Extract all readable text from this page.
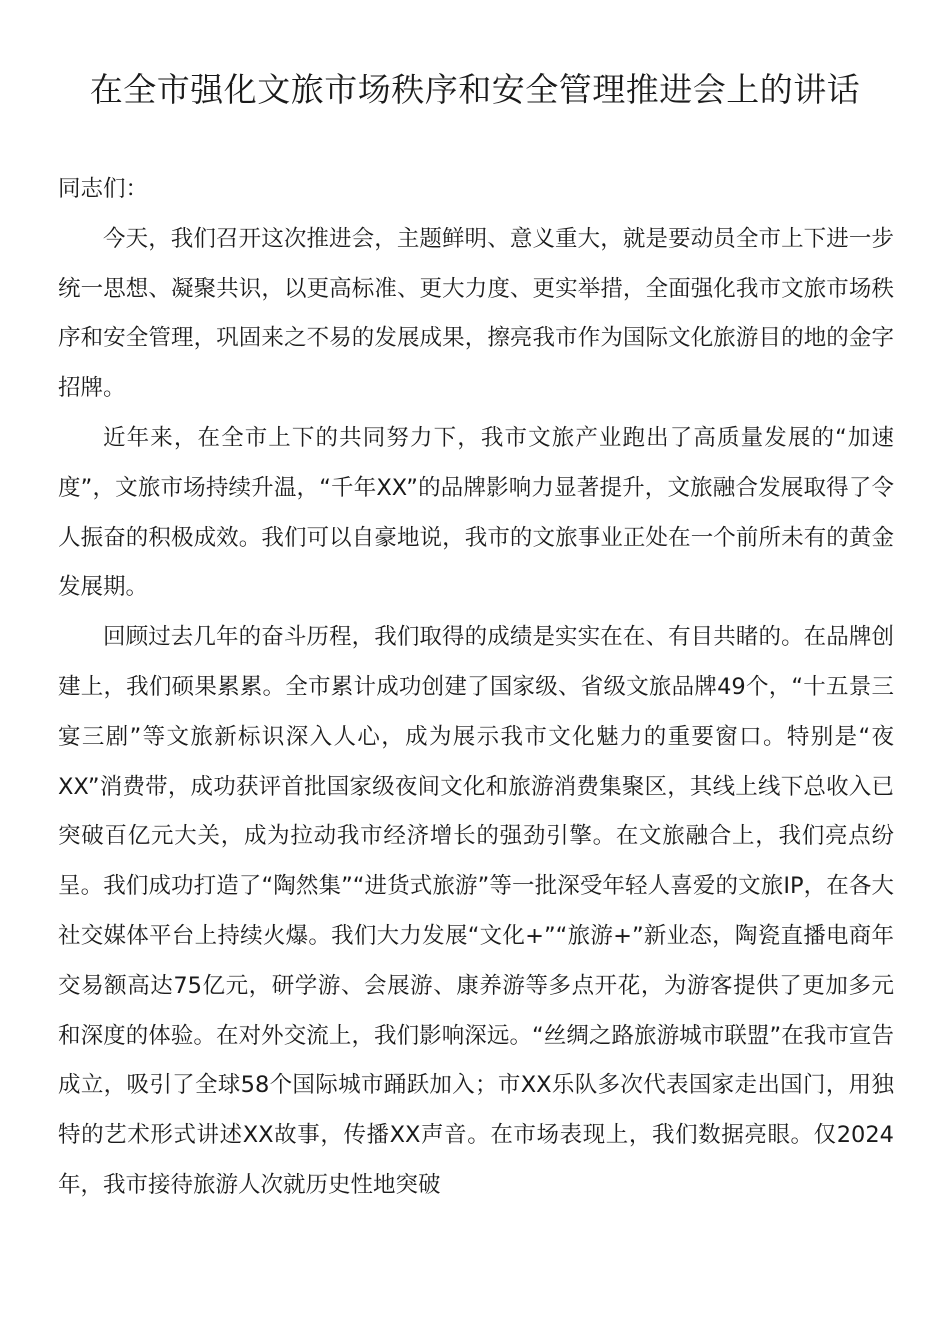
在全市强化文旅市场秩序和安全管理推进会上的讲话

同志们：

今天，我们召开这次推进会，主题鲜明、意义重大，就是要动员全市上下进一步统一思想、凝聚共识，以更高标准、更大力度、更实举措，全面强化我市文旅市场秩序和安全管理，巩固来之不易的发展成果，擦亮我市作为国际文化旅游目的地的金字招牌。

近年来，在全市上下的共同努力下，我市文旅产业跑出了高质量发展的“加速度”，文旅市场持续升温，“千年XX”的品牌影响力显著提升，文旅融合发展取得了令人振奋的积极成效。我们可以自豪地说，我市的文旅事业正处在一个前所未有的黄金发展期。

回顾过去几年的奋斗历程，我们取得的成绩是实实在在、有目共睹的。在品牌创建上，我们硕果累累。全市累计成功创建了国家级、省级文旅品牌49个，“十五景三宴三剧”等文旅新标识深入人心，成为展示我市文化魅力的重要窗口。特别是“夜XX”消费带，成功获评首批国家级夜间文化和旅游消费集聚区，其线上线下总收入已突破百亿元大关，成为拉动我市经济增长的强劲引擎。在文旅融合上，我们亮点纷呈。我们成功打造了“陶然集”“进货式旅游”等一批深受年轻人喜爱的文旅IP，在各大社交媒体平台上持续火爆。我们大力发展“文化+”“旅游+”新业态，陶瓷直播电商年交易额高达75亿元，研学游、会展游、康养游等多点开花，为游客提供了更加多元和深度的体验。在对外交流上，我们影响深远。“丝绸之路旅游城市联盟”在我市宣告成立，吸引了全球58个国际城市踊跃加入；市XX乐队多次代表国家走出国门，用独特的艺术形式讲述XX故事，传播XX声音。在市场表现上，我们数据亮眼。仅2024年，我市接待旅游人次就历史性地突破
